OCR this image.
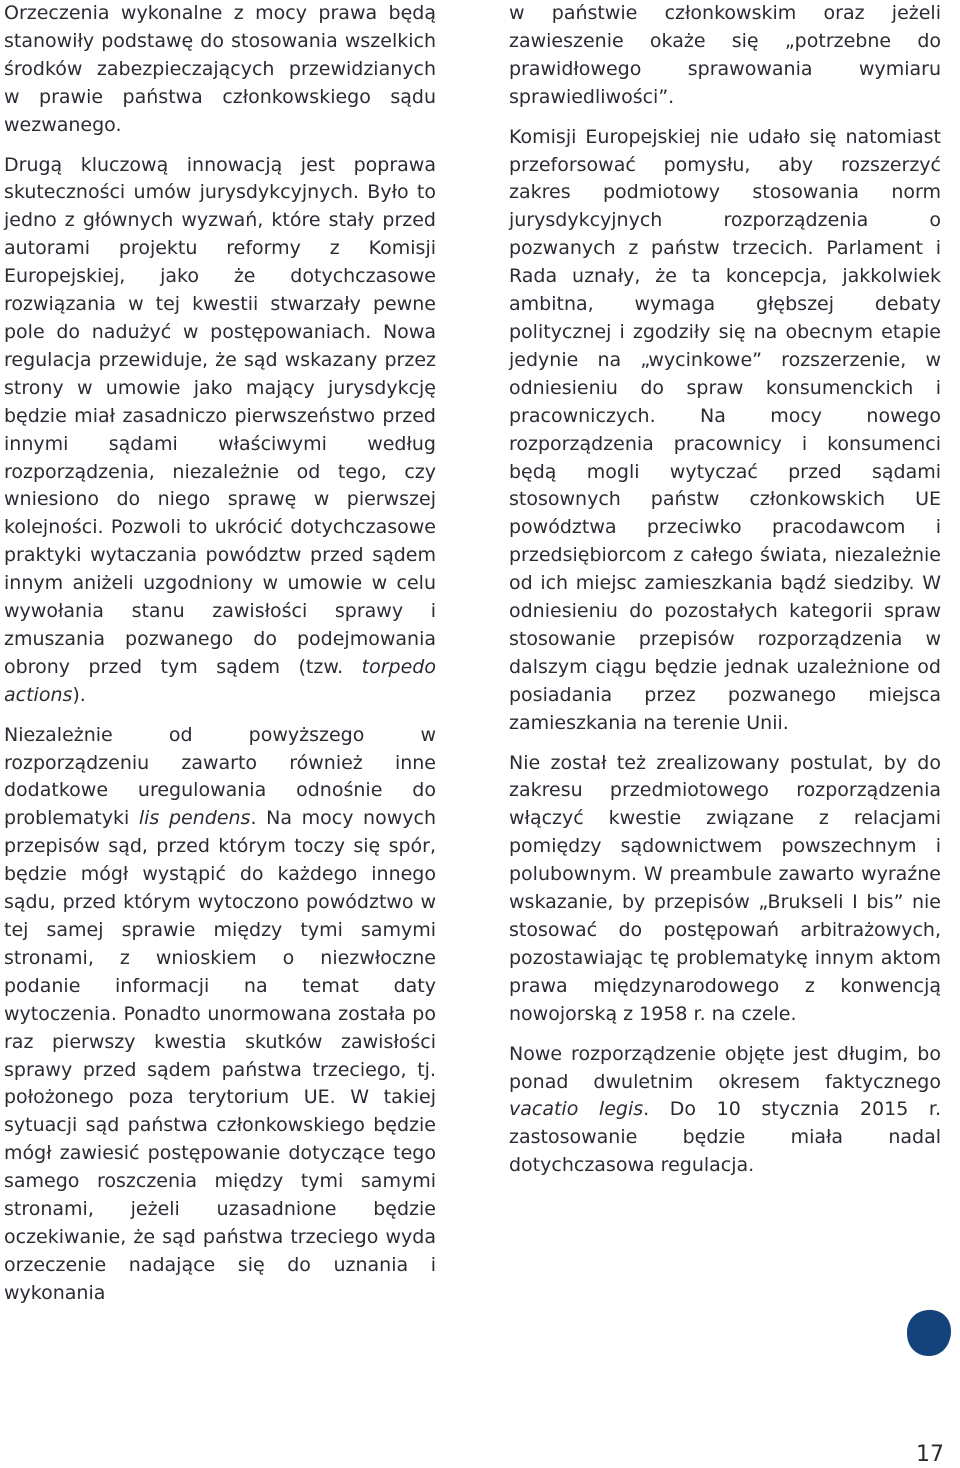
Orzeczenia wykonalne z mocy prawa będą stanowiły podstawę do stosowania wszelkich środków zabezpieczających przewidzianych w prawie państwa członkowskiego sądu wezwanego.

Drugą kluczową innowacją jest poprawa skuteczności umów jurysdykcyjnych. Było to jedno z głównych wyzwań, które stały przed autorami projektu reformy z Komisji Europejskiej, jako że dotychczasowe rozwiązania w tej kwestii stwarzały pewne pole do nadużyć w postępowaniach. Nowa regulacja przewiduje, że sąd wskazany przez strony w umowie jako mający jurysdykcję będzie miał zasadniczo pierwszeństwo przed innymi sądami właściwymi według rozporządzenia, niezależnie od tego, czy wniesiono do niego sprawę w pierwszej kolejności. Pozwoli to ukrócić dotychczasowe praktyki wytaczania powództw przed sądem innym aniżeli uzgodniony w umowie w celu wywołania stanu zawisłości sprawy i zmuszania pozwanego do podejmowania obrony przed tym sądem (tzw. torpedo actions).

Niezależnie od powyższego w rozporządzeniu zawarto również inne dodatkowe uregulowania odnośnie do problematyki lis pendens. Na mocy nowych przepisów sąd, przed którym toczy się spór, będzie mógł wystąpić do każdego innego sądu, przed którym wytoczono powództwo w tej samej sprawie między tymi samymi stronami, z wnioskiem o niezwłoczne podanie informacji na temat daty wytoczenia. Ponadto unormowana została po raz pierwszy kwestia skutków zawisłości sprawy przed sądem państwa trzeciego, tj. położonego poza terytorium UE. W takiej sytuacji sąd państwa członkowskiego będzie mógł zawiesić postępowanie dotyczące tego samego roszczenia między tymi samymi stronami, jeżeli uzasadnione będzie oczekiwanie, że sąd państwa trzeciego wyda orzeczenie nadające się do uznania i wykonania

w państwie członkowskim oraz jeżeli zawieszenie okaże się „potrzebne do prawidłowego sprawowania wymiaru sprawiedliwości”.

Komisji Europejskiej nie udało się natomiast przeforsować pomysłu, aby rozszerzyć zakres podmiotowy stosowania norm jurysdykcyjnych rozporządzenia o pozwanych z państw trzecich. Parlament i Rada uznały, że ta koncepcja, jakkolwiek ambitna, wymaga głębszej debaty politycznej i zgodziły się na obecnym etapie jedynie na „wycinkowe” rozszerzenie, w odniesieniu do spraw konsumenckich i pracowniczych. Na mocy nowego rozporządzenia pracownicy i konsumenci będą mogli wytyczać przed sądami stosownych państw członkowskich UE powództwa przeciwko pracodawcom i przedsiębiorcom z całego świata, niezależnie od ich miejsc zamieszkania bądź siedziby. W odniesieniu do pozostałych kategorii spraw stosowanie przepisów rozporządzenia w dalszym ciągu będzie jednak uzależnione od posiadania przez pozwanego miejsca zamieszkania na terenie Unii.

Nie został też zrealizowany postulat, by do zakresu przedmiotowego rozporządzenia włączyć kwestie związane z relacjami pomiędzy sądownictwem powszechnym i polubownym. W preambule zawarto wyraźne wskazanie, by przepisów „Brukseli I bis” nie stosować do postępowań arbitrażowych, pozostawiając tę problematykę innym aktom prawa międzynarodowego z konwencją nowojorską z 1958 r. na czele.

Nowe rozporządzenie objęte jest długim, bo ponad dwuletnim okresem faktycznego vacatio legis. Do 10 stycznia 2015 r. zastosowanie będzie miała nadal dotychczasowa regulacja.

17
